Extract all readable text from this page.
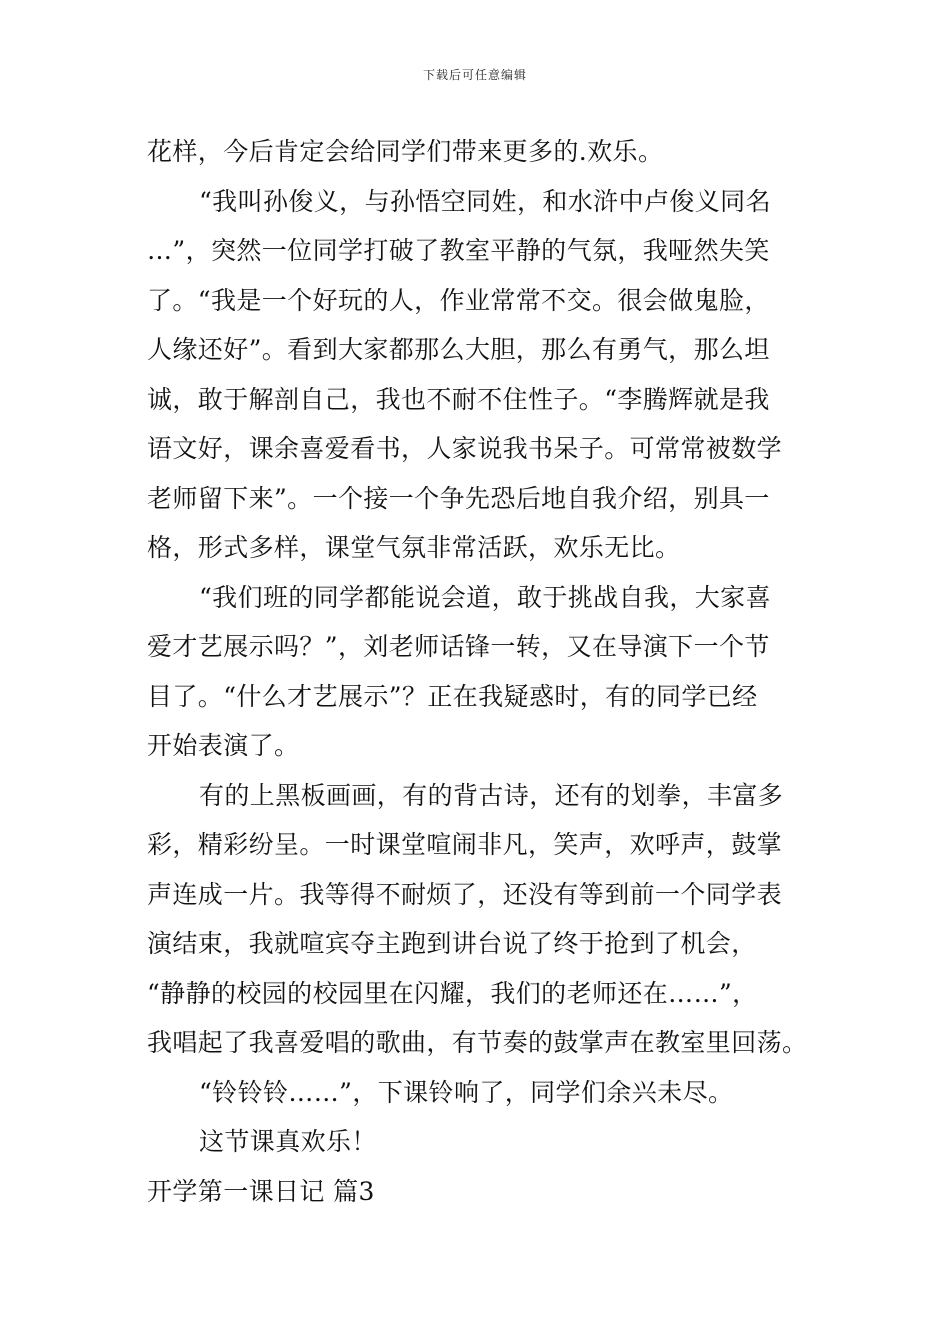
下载后可任意编辑
花样，今后肯定会给同学们带来更多的.欢乐。
“我叫孙俊义，与孙悟空同姓，和水浒中卢俊义同名
…”，突然一位同学打破了教室平静的气氛，我哑然失笑
了。“我是一个好玩的人，作业常常不交。很会做鬼脸，
人缘还好”。看到大家都那么大胆，那么有勇气，那么坦
诚，敢于解剖自己，我也不耐不住性子。“李腾辉就是我
语文好，课余喜爱看书，人家说我书呆子。可常常被数学
老师留下来”。一个接一个争先恐后地自我介绍，别具一
格，形式多样，课堂气氛非常活跃，欢乐无比。
“我们班的同学都能说会道，敢于挑战自我，大家喜
爱才艺展示吗？”，刘老师话锋一转，又在导演下一个节
目了。“什么才艺展示”？正在我疑惑时，有的同学已经
开始表演了。
有的上黑板画画，有的背古诗，还有的划拳，丰富多
彩，精彩纷呈。一时课堂喧闹非凡，笑声，欢呼声，鼓掌
声连成一片。我等得不耐烦了，还没有等到前一个同学表
演结束，我就喧宾夺主跑到讲台说了终于抢到了机会，
“静静的校园的校园里在闪耀，我们的老师还在……”，
我唱起了我喜爱唱的歌曲，有节奏的鼓掌声在教室里回荡。
“铃铃铃……”，下课铃响了，同学们余兴未尽。
这节课真欢乐！
开学第一课日记 篇3
